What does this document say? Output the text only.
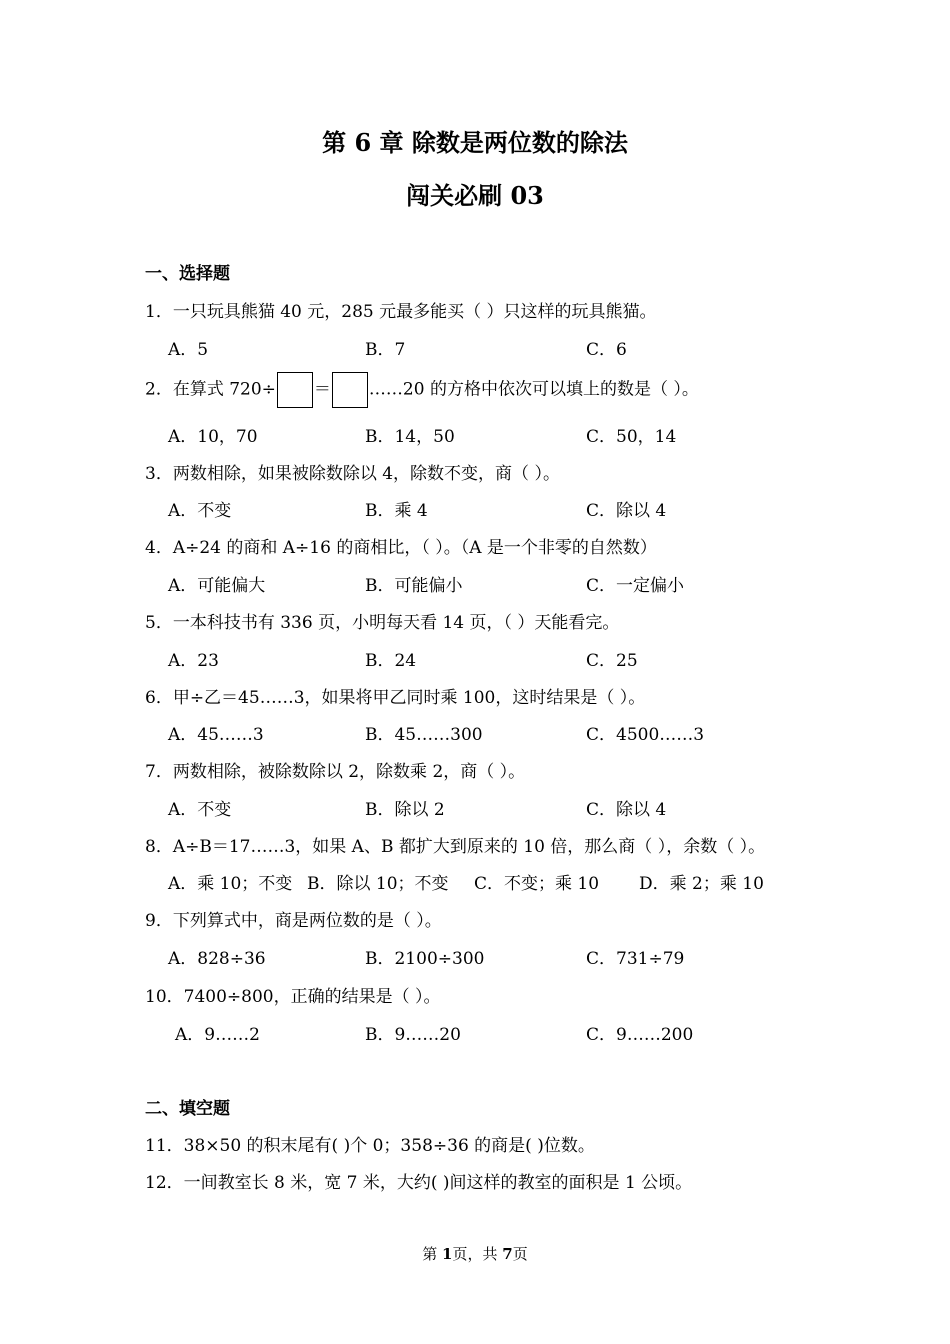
第 6 章 除数是两位数的除法
闯关必刷 03
一、选择题
1．一只玩具熊猫 40 元，285 元最多能买（ ）只这样的玩具熊猫。
A．5	B．7	C．6
2．在算式 720÷ ＝ ……20 的方格中依次可以填上的数是（ ）。
A．10，70	B．14，50	C．50，14
3．两数相除，如果被除数除以 4，除数不变，商（ ）。
A．不变	B．乘 4	C．除以 4
4．A÷24 的商和 A÷16 的商相比，（ ）。（A 是一个非零的自然数）
A．可能偏大	B．可能偏小	C．一定偏小
5．一本科技书有 336 页，小明每天看 14 页，（ ）天能看完。
A．23	B．24	C．25
6．甲÷乙＝45……3，如果将甲乙同时乘 100，这时结果是（ ）。
A．45……3	B．45……300	C．4500……3
7．两数相除，被除数除以 2，除数乘 2，商（ ）。
A．不变	B．除以 2	C．除以 4
8．A÷B＝17……3，如果 A、B 都扩大到原来的 10 倍，那么商（ ），余数（ ）。
A．乘 10；不变 B．除以 10；不变 C．不变；乘 10 D．乘 2；乘 10
9．下列算式中，商是两位数的是（ ）。
A．828÷36	B．2100÷300	C．731÷79
10．7400÷800，正确的结果是（ ）。
A．9……2	B．9……20	C．9……200
二、填空题
11．38×50 的积末尾有( )个 0；358÷36 的商是( )位数。
12．一间教室长 8 米，宽 7 米，大约( )间这样的教室的面积是 1 公顷。
第 1页，共 7页
